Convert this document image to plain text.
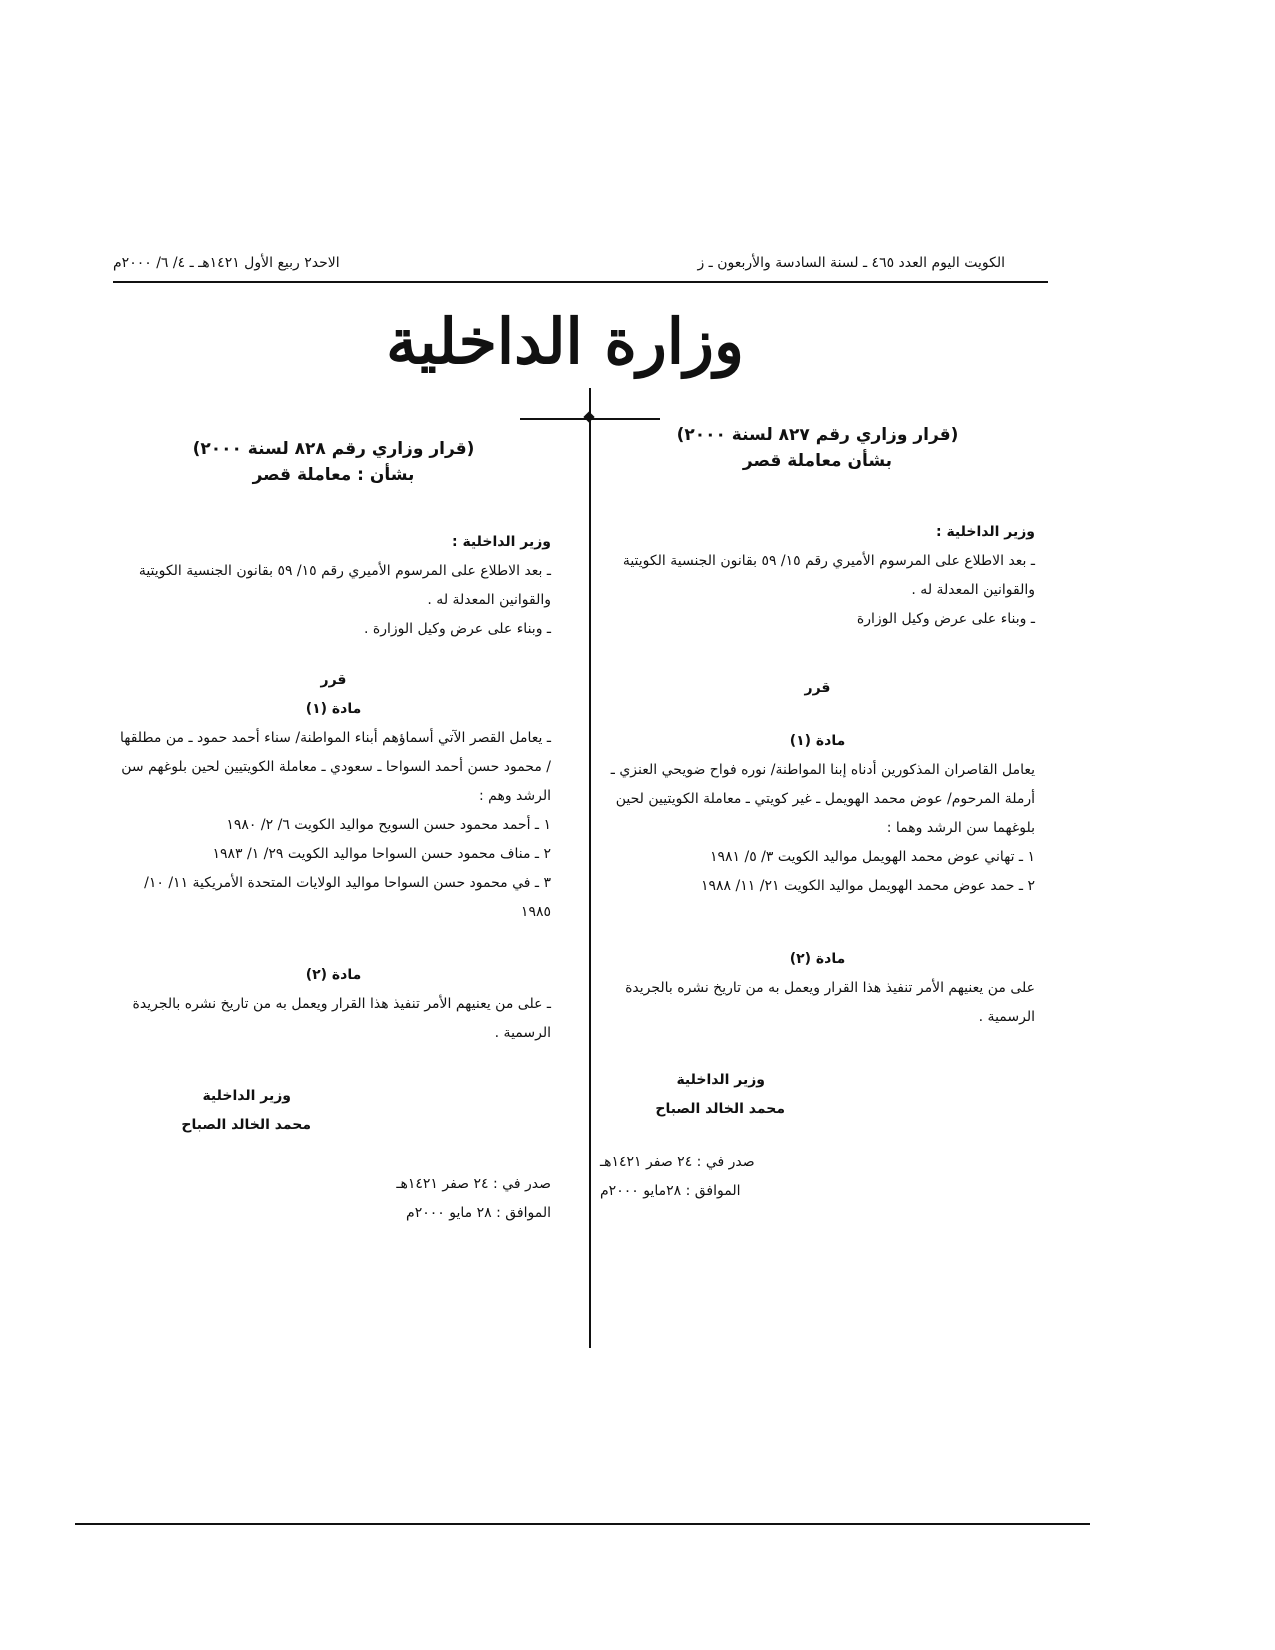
الكويت اليوم العدد ٤٦٥ ـ لسنة السادسة والأربعون ـ ز
الاحد٢ ربيع الأول ١٤٢١هـ ـ ٤/ ٦/ ٢٠٠٠م
وزارة الداخلية

(قرار وزاري رقم ٨٢٧ لسنة ٢٠٠٠)

بشأن معاملة قصر

وزير الداخلية :

ـ بعد الاطلاع على المرسوم الأميري رقم ١٥/ ٥٩ بقانون الجنسية الكويتية والقوانين المعدلة له .

ـ وبناء على عرض وكيل الوزارة

قرر

مادة (١)

يعامل القاصران المذكورين أدناه إبنا المواطنة/ نوره فواح ضويحي العنزي ـ أرملة المرحوم/ عوض محمد الهويمل ـ غير كويتي ـ معاملة الكويتيين لحين بلوغهما سن الرشد وهما :

١ ـ تهاني عوض محمد الهويمل مواليد الكويت ٣/ ٥/ ١٩٨١

٢ ـ حمد عوض محمد الهويمل مواليد الكويت ٢١/ ١١/ ١٩٨٨

مادة (٢)

على من يعنيهم الأمر تنفيذ هذا القرار ويعمل به من تاريخ نشره بالجريدة الرسمية .

وزير الداخلية

محمد الخالد الصباح

صدر في : ٢٤ صفر ١٤٢١هـ

الموافق : ٢٨مايو ٢٠٠٠م

(قرار وزاري رقم ٨٢٨ لسنة ٢٠٠٠)

بشأن : معاملة قصر

وزير الداخلية :

ـ بعد الاطلاع على المرسوم الأميري رقم ١٥/ ٥٩ بقانون الجنسية الكويتية والقوانين المعدلة له .

ـ وبناء على عرض وكيل الوزارة .

قرر

مادة (١)

ـ يعامل القصر الآتي أسماؤهم أبناء المواطنة/ سناء أحمد حمود ـ من مطلقها / محمود حسن أحمد السواحا ـ سعودي ـ معاملة الكويتيين لحين بلوغهم سن الرشد وهم :

١ ـ أحمد محمود حسن السويح مواليد الكويت ٦/ ٢/ ١٩٨٠

٢ ـ مناف محمود حسن السواحا مواليد الكويت ٢٩/ ١/ ١٩٨٣

٣ ـ في محمود حسن السواحا مواليد الولايات المتحدة الأمريكية ١١/ ١٠/ ١٩٨٥

مادة (٢)

ـ على من يعنيهم الأمر تنفيذ هذا القرار ويعمل به من تاريخ نشره بالجريدة الرسمية .

وزير الداخلية

محمد الخالد الصباح

صدر في : ٢٤ صفر ١٤٢١هـ

الموافق : ٢٨ مايو ٢٠٠٠م
